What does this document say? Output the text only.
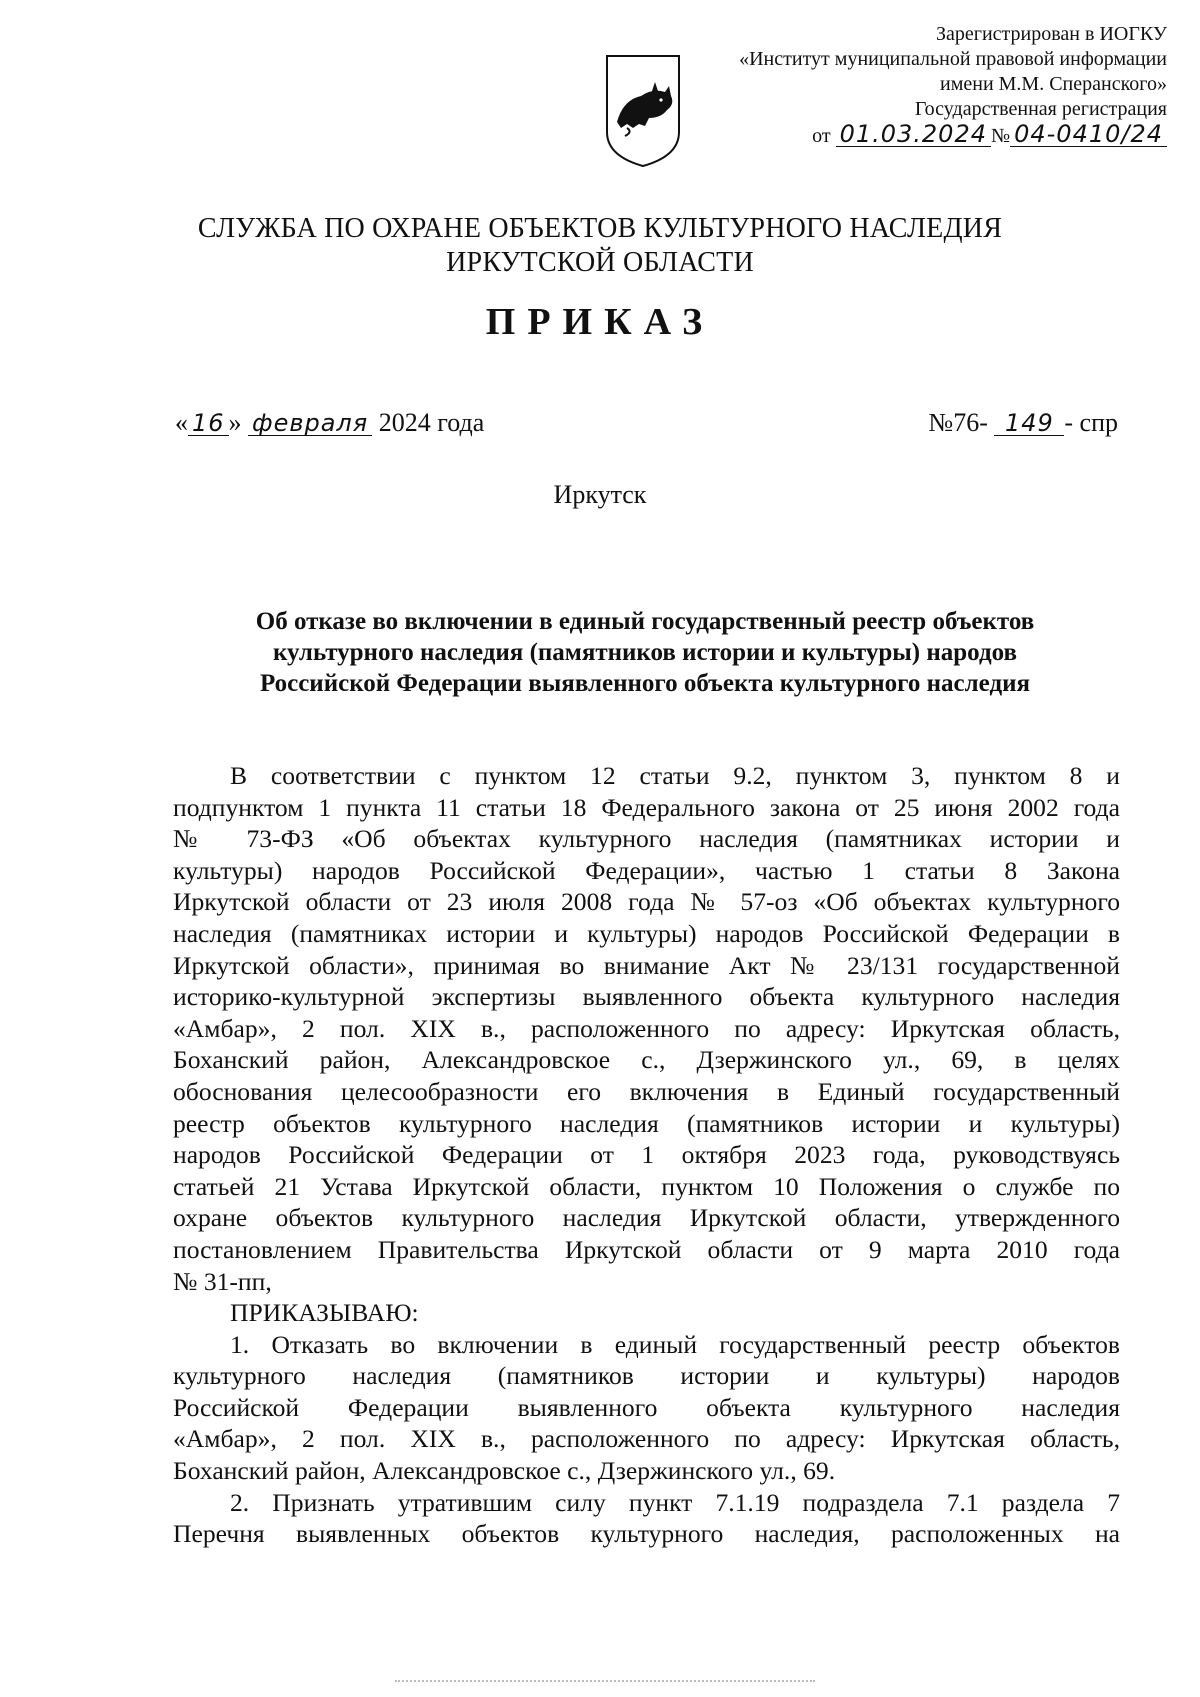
Зарегистрирован в ИОГКУ
«Институт муниципальной правовой информации
имени М.М. Сперанского»
Государственная регистрация
от 01.03.2024 № 04-0410/24
СЛУЖБА ПО ОХРАНЕ ОБЪЕКТОВ КУЛЬТУРНОГО НАСЛЕДИЯ
ИРКУТСКОЙ ОБЛАСТИ
ПРИКАЗ
« 16 » февраля 2024 года	№76- 149 - спр
Иркутск
Об отказе во включении в единый государственный реестр объектов
культурного наследия (памятников истории и культуры) народов
Российской Федерации выявленного объекта культурного наследия
В соответствии с пунктом 12 статьи 9.2, пунктом 3, пунктом 8 и
подпунктом 1 пункта 11 статьи 18 Федерального закона от 25 июня 2002 года
№ 73-ФЗ «Об объектах культурного наследия (памятниках истории и
культуры) народов Российской Федерации», частью 1 статьи 8 Закона
Иркутской области от 23 июля 2008 года № 57-оз «Об объектах культурного
наследия (памятниках истории и культуры) народов Российской Федерации в
Иркутской области», принимая во внимание Акт № 23/131 государственной
историко-культурной экспертизы выявленного объекта культурного наследия
«Амбар», 2 пол. XIX в., расположенного по адресу: Иркутская область,
Боханский район, Александровское с., Дзержинского ул., 69, в целях
обоснования целесообразности его включения в Единый государственный
реестр объектов культурного наследия (памятников истории и культуры)
народов Российской Федерации от 1 октября 2023 года, руководствуясь
статьей 21 Устава Иркутской области, пунктом 10 Положения о службе по
охране объектов культурного наследия Иркутской области, утвержденного
постановлением Правительства Иркутской области от 9 марта 2010 года
№ 31-пп,
ПРИКАЗЫВАЮ:
1. Отказать во включении в единый государственный реестр объектов
культурного наследия (памятников истории и культуры) народов
Российской Федерации выявленного объекта культурного наследия
«Амбар», 2 пол. XIX в., расположенного по адресу: Иркутская область,
Боханский район, Александровское с., Дзержинского ул., 69.
2. Признать утратившим силу пункт 7.1.19 подраздела 7.1 раздела 7
Перечня выявленных объектов культурного наследия, расположенных на
